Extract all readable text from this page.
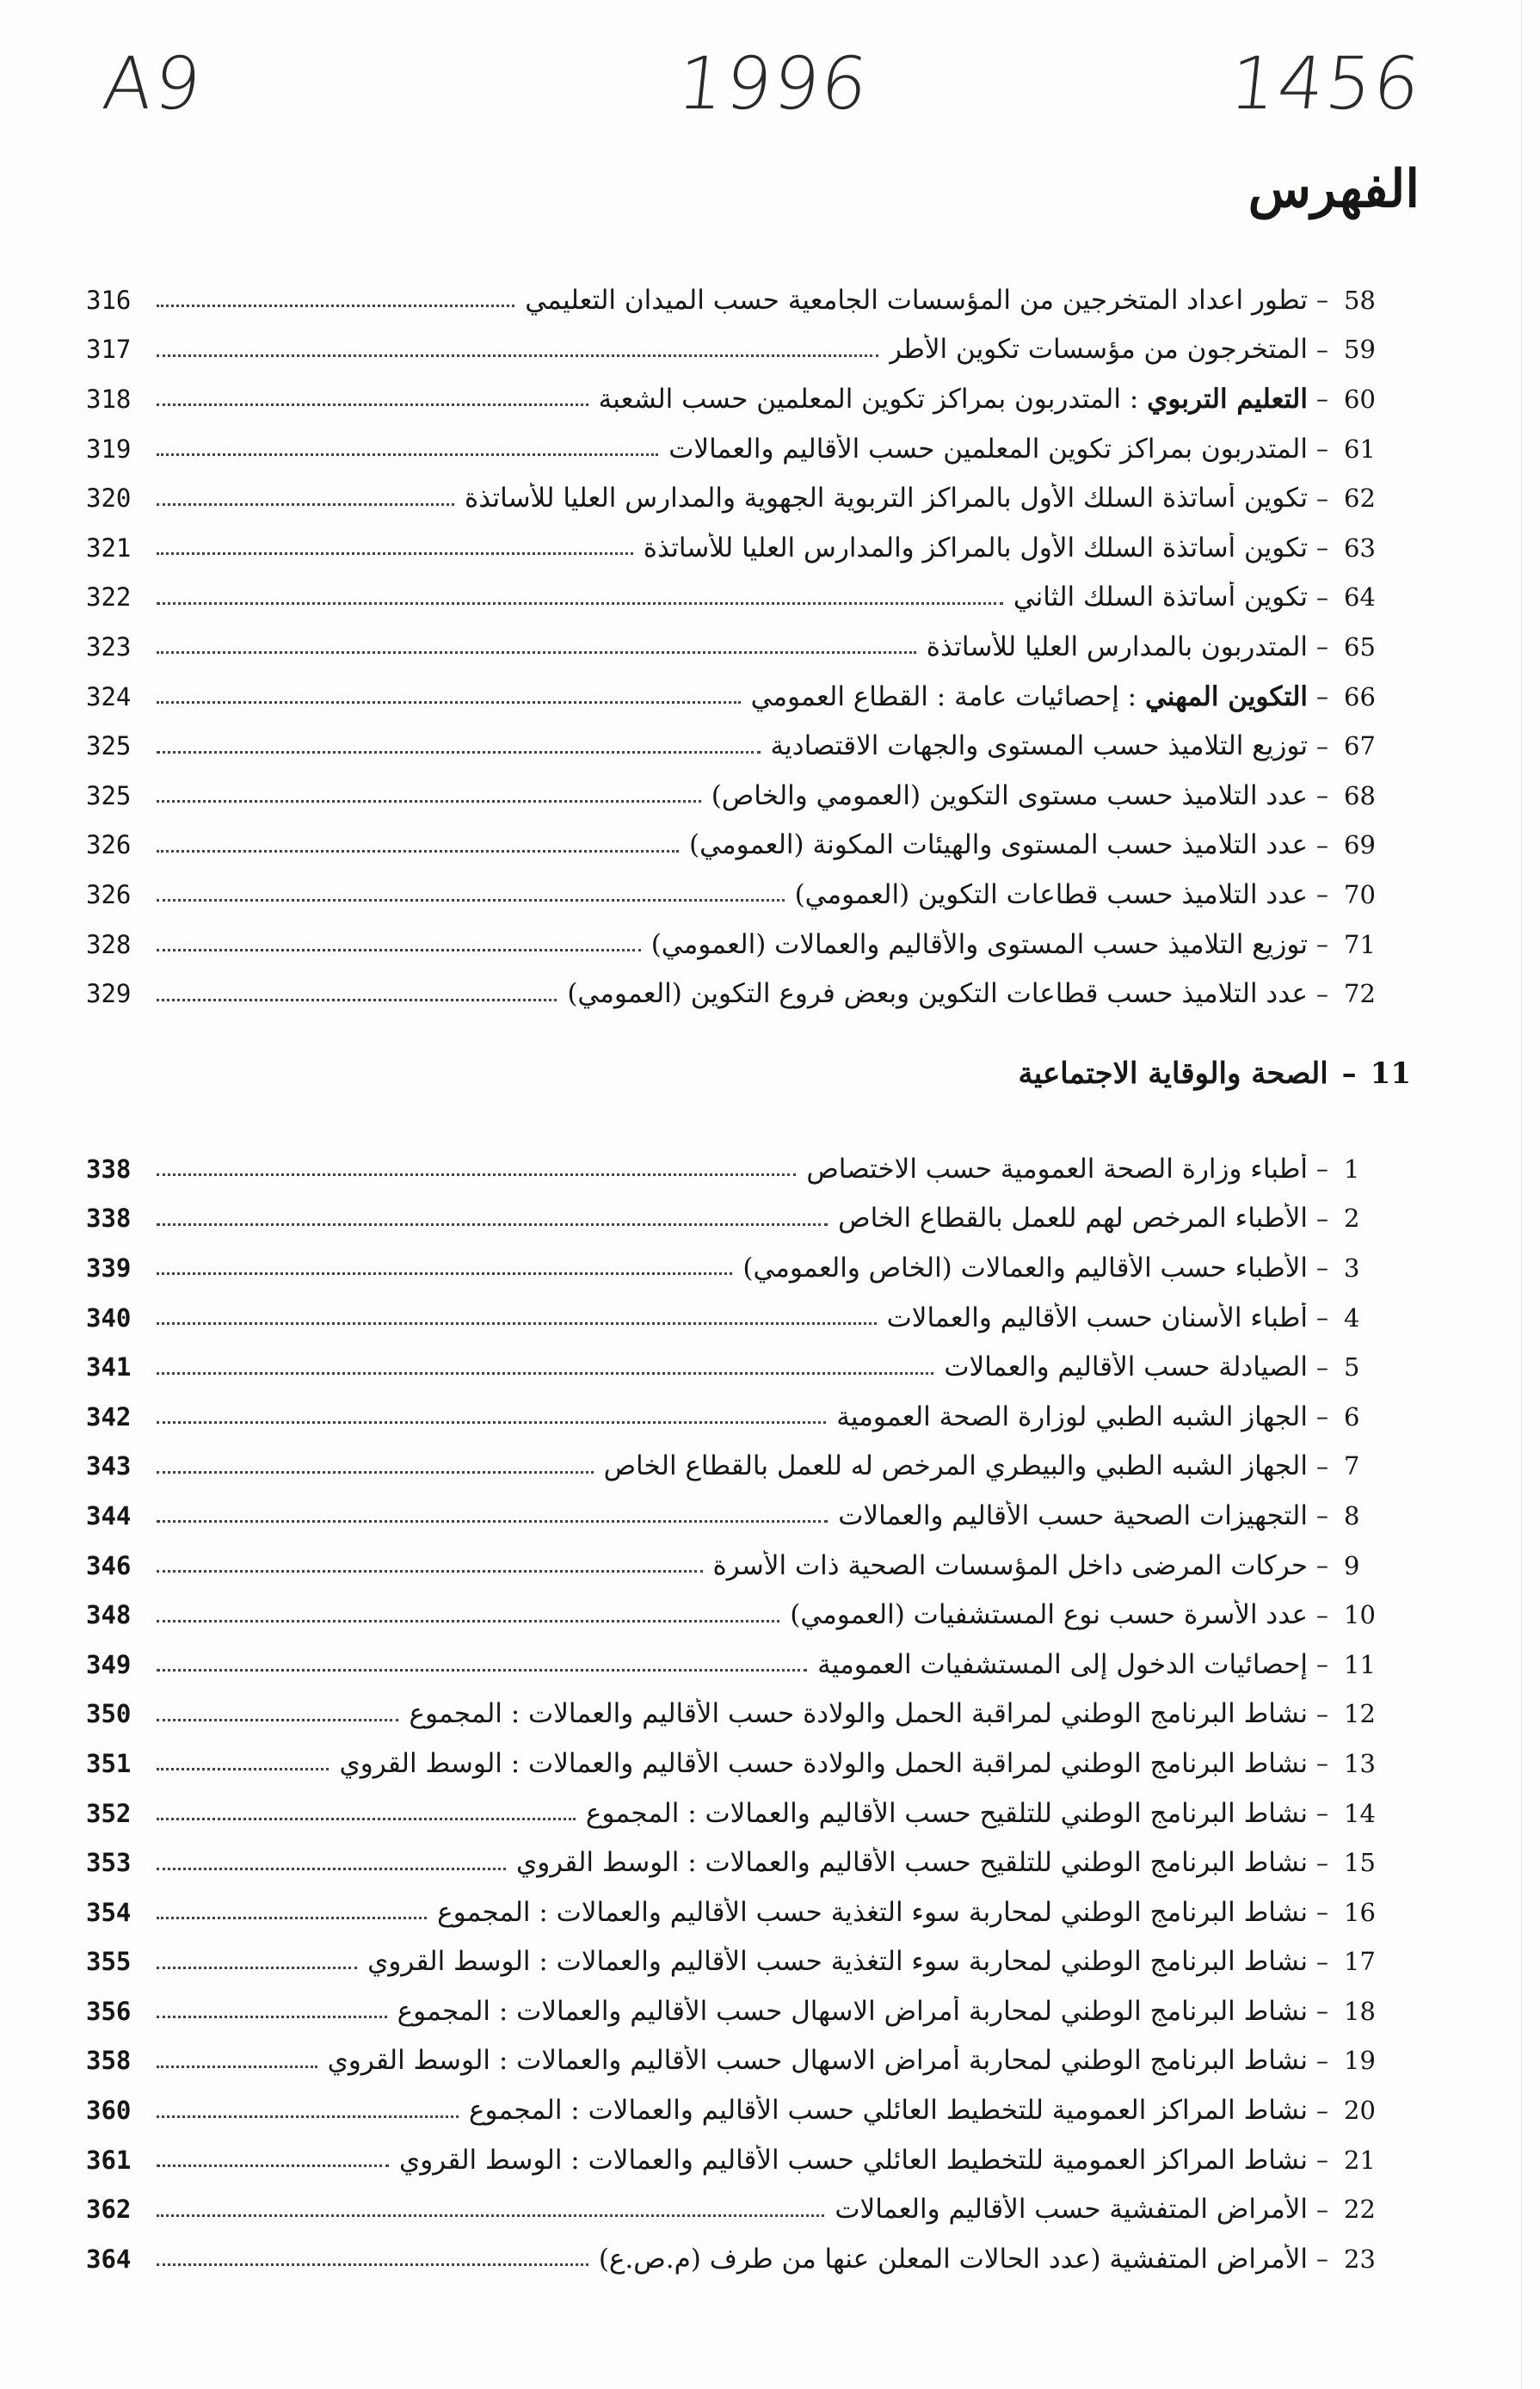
A9	1996	1456
الفهرس
58
–
تطور اعداد المتخرجين من المؤسسات الجامعية حسب الميدان التعليمي
316
59
–
المتخرجون من مؤسسات تكوين الأطر
317
60
–
التعليم التربوي : المتدربون بمراكز تكوين المعلمين حسب الشعبة
318
61
–
المتدربون بمراكز تكوين المعلمين حسب الأقاليم والعمالات
319
62
–
تكوين أساتذة السلك الأول بالمراكز التربوية الجهوية والمدارس العليا للأساتذة
320
63
–
تكوين أساتذة السلك الأول بالمراكز والمدارس العليا للأساتذة
321
64
–
تكوين أساتذة السلك الثاني
322
65
–
المتدربون بالمدارس العليا للأساتذة
323
66
–
التكوين المهني : إحصائيات عامة : القطاع العمومي
324
67
–
توزيع التلاميذ حسب المستوى والجهات الاقتصادية
325
68
–
عدد التلاميذ حسب مستوى التكوين (العمومي والخاص)
325
69
–
عدد التلاميذ حسب المستوى والهيئات المكونة (العمومي)
326
70
–
عدد التلاميذ حسب قطاعات التكوين (العمومي)
326
71
–
توزيع التلاميذ حسب المستوى والأقاليم والعمالات (العمومي)
328
72
–
عدد التلاميذ حسب قطاعات التكوين وبعض فروع التكوين (العمومي)
329
11
–
الصحة والوقاية الاجتماعية
1
–
أطباء وزارة الصحة العمومية حسب الاختصاص
338
2
–
الأطباء المرخص لهم للعمل بالقطاع الخاص
338
3
–
الأطباء حسب الأقاليم والعمالات (الخاص والعمومي)
339
4
–
أطباء الأسنان حسب الأقاليم والعمالات
340
5
–
الصيادلة حسب الأقاليم والعمالات
341
6
–
الجهاز الشبه الطبي لوزارة الصحة العمومية
342
7
–
الجهاز الشبه الطبي والبيطري المرخص له للعمل بالقطاع الخاص
343
8
–
التجهيزات الصحية حسب الأقاليم والعمالات
344
9
–
حركات المرضى داخل المؤسسات الصحية ذات الأسرة
346
10
–
عدد الأسرة حسب نوع المستشفيات (العمومي)
348
11
–
إحصائيات الدخول إلى المستشفيات العمومية
349
12
–
نشاط البرنامج الوطني لمراقبة الحمل والولادة حسب الأقاليم والعمالات : المجموع
350
13
–
نشاط البرنامج الوطني لمراقبة الحمل والولادة حسب الأقاليم والعمالات : الوسط القروي
351
14
–
نشاط البرنامج الوطني للتلقيح حسب الأقاليم والعمالات : المجموع
352
15
–
نشاط البرنامج الوطني للتلقيح حسب الأقاليم والعمالات : الوسط القروي
353
16
–
نشاط البرنامج الوطني لمحاربة سوء التغذية حسب الأقاليم والعمالات : المجموع
354
17
–
نشاط البرنامج الوطني لمحاربة سوء التغذية حسب الأقاليم والعمالات : الوسط القروي
355
18
–
نشاط البرنامج الوطني لمحاربة أمراض الاسهال حسب الأقاليم والعمالات : المجموع
356
19
–
نشاط البرنامج الوطني لمحاربة أمراض الاسهال حسب الأقاليم والعمالات : الوسط القروي
358
20
–
نشاط المراكز العمومية للتخطيط العائلي حسب الأقاليم والعمالات : المجموع
360
21
–
نشاط المراكز العمومية للتخطيط العائلي حسب الأقاليم والعمالات : الوسط القروي
361
22
–
الأمراض المتفشية حسب الأقاليم والعمالات
362
23
–
الأمراض المتفشية (عدد الحالات المعلن عنها من طرف (م.ص.ع)
364
